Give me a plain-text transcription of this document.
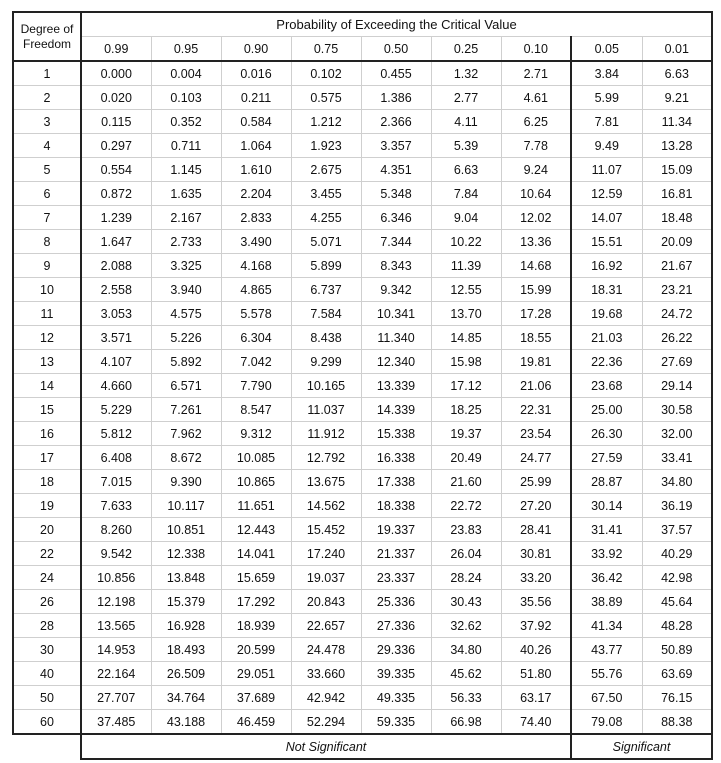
Degree of
Freedom	Probability of Exceeding the Critical Value								
	0.99	0.95	0.90	0.75	0.50	0.25	0.10	0.05	0.01
1	0.000	0.004	0.016	0.102	0.455	1.32	2.71	3.84	6.63
2	0.020	0.103	0.211	0.575	1.386	2.77	4.61	5.99	9.21
3	0.115	0.352	0.584	1.212	2.366	4.11	6.25	7.81	11.34
4	0.297	0.711	1.064	1.923	3.357	5.39	7.78	9.49	13.28
5	0.554	1.145	1.610	2.675	4.351	6.63	9.24	11.07	15.09
6	0.872	1.635	2.204	3.455	5.348	7.84	10.64	12.59	16.81
7	1.239	2.167	2.833	4.255	6.346	9.04	12.02	14.07	18.48
8	1.647	2.733	3.490	5.071	7.344	10.22	13.36	15.51	20.09
9	2.088	3.325	4.168	5.899	8.343	11.39	14.68	16.92	21.67
10	2.558	3.940	4.865	6.737	9.342	12.55	15.99	18.31	23.21
11	3.053	4.575	5.578	7.584	10.341	13.70	17.28	19.68	24.72
12	3.571	5.226	6.304	8.438	11.340	14.85	18.55	21.03	26.22
13	4.107	5.892	7.042	9.299	12.340	15.98	19.81	22.36	27.69
14	4.660	6.571	7.790	10.165	13.339	17.12	21.06	23.68	29.14
15	5.229	7.261	8.547	11.037	14.339	18.25	22.31	25.00	30.58
16	5.812	7.962	9.312	11.912	15.338	19.37	23.54	26.30	32.00
17	6.408	8.672	10.085	12.792	16.338	20.49	24.77	27.59	33.41
18	7.015	9.390	10.865	13.675	17.338	21.60	25.99	28.87	34.80
19	7.633	10.117	11.651	14.562	18.338	22.72	27.20	30.14	36.19
20	8.260	10.851	12.443	15.452	19.337	23.83	28.41	31.41	37.57
22	9.542	12.338	14.041	17.240	21.337	26.04	30.81	33.92	40.29
24	10.856	13.848	15.659	19.037	23.337	28.24	33.20	36.42	42.98
26	12.198	15.379	17.292	20.843	25.336	30.43	35.56	38.89	45.64
28	13.565	16.928	18.939	22.657	27.336	32.62	37.92	41.34	48.28
30	14.953	18.493	20.599	24.478	29.336	34.80	40.26	43.77	50.89
40	22.164	26.509	29.051	33.660	39.335	45.62	51.80	55.76	63.69
50	27.707	34.764	37.689	42.942	49.335	56.33	63.17	67.50	76.15
60	37.485	43.188	46.459	52.294	59.335	66.98	74.40	79.08	88.38
	Not Significant							Significant	
